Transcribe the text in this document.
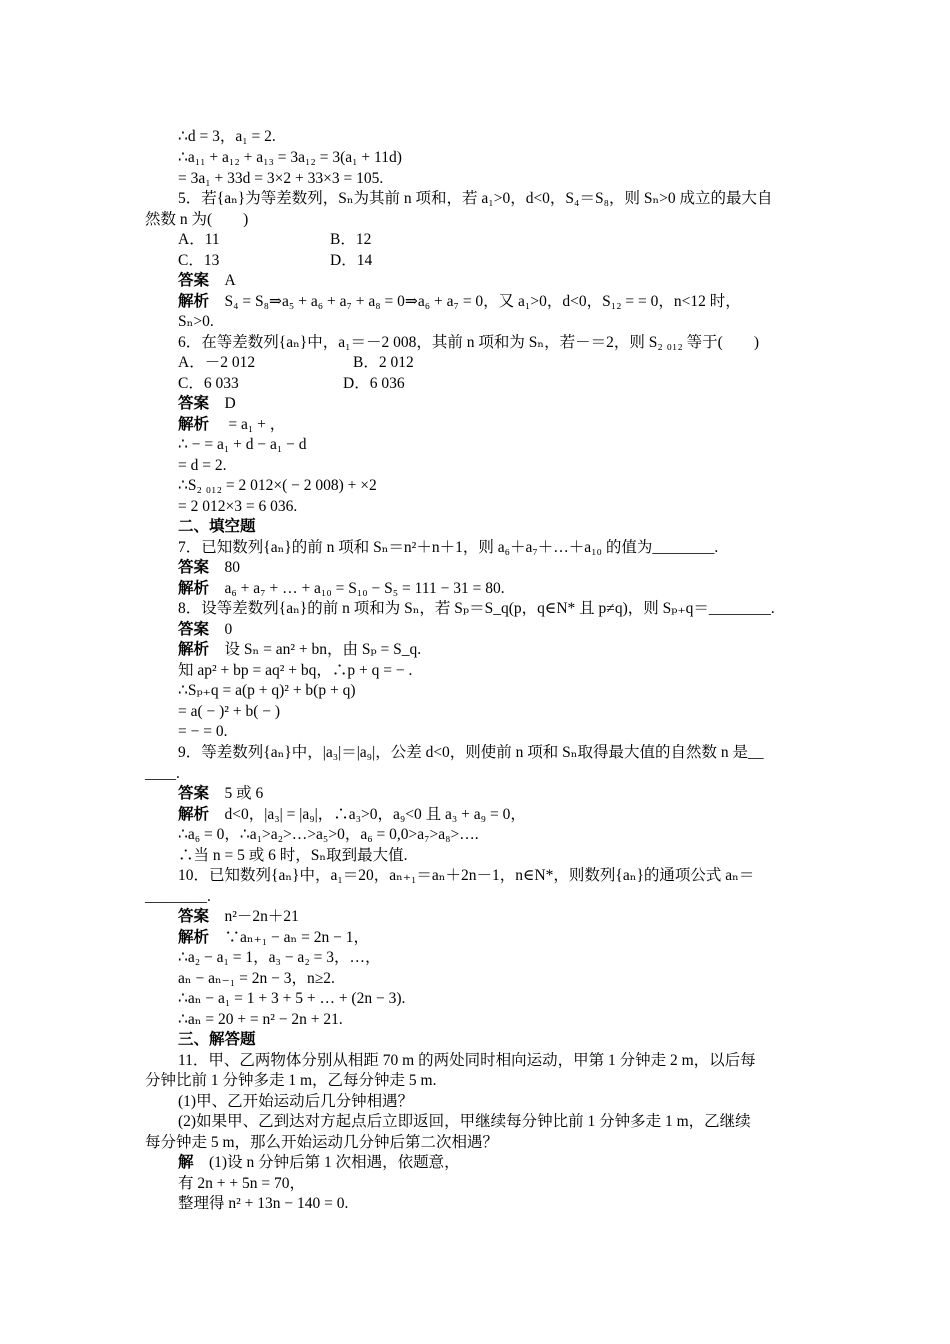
∴d = 3，a₁ = 2.
∴a₁₁ + a₁₂ + a₁₃ = 3a₁₂ = 3(a₁ + 11d)
= 3a₁ + 33d = 3×2 + 33×3 = 105.
5．若{aₙ}为等差数列，Sₙ为其前 n 项和，若 a₁>0，d<0，S₄＝S₈，则 Sₙ>0 成立的最大自
然数 n 为(　　)
A．11	B．12
C．13	D．14
答案　A
解析　S₄ = S₈⇒a₅ + a₆ + a₇ + a₈ = 0⇒a₆ + a₇ = 0，又 a₁>0，d<0，S₁₂ = = 0，n<12 时，
Sₙ>0.
6．在等差数列{aₙ}中，a₁＝－2 008，其前 n 项和为 Sₙ，若－＝2，则 S₂ ₀₁₂ 等于(　　)
A．－2 012	B．2 012
C．6 033	D．6 036
答案　D
解析　 = a₁ + ，
∴ − = a₁ + d − a₁ − d
= d = 2.
∴S₂ ₀₁₂ = 2 012×( − 2 008) + ×2
= 2 012×3 = 6 036.
二、填空题
7．已知数列{aₙ}的前 n 项和 Sₙ＝n²＋n＋1，则 a₆＋a₇＋…＋a₁₀ 的值为________.
答案　80
解析　a₆ + a₇ + … + a₁₀ = S₁₀ − S₅ = 111 − 31 = 80.
8．设等差数列{aₙ}的前 n 项和为 Sₙ，若 Sₚ＝S_q(p，q∈N* 且 p≠q)，则 Sₚ₊q＝________.
答案　0
解析　设 Sₙ = an² + bn，由 Sₚ = S_q.
知 ap² + bp = aq² + bq，∴p + q = − .
∴Sₚ₊q = a(p + q)² + b(p + q)
= a( − )² + b( − )
= − = 0.
9．等差数列{aₙ}中，|a₃|＝|a₉|，公差 d<0，则使前 n 项和 Sₙ取得最大值的自然数 n 是__
____.
答案　5 或 6
解析　d<0，|a₃| = |a₉|，∴a₃>0，a₉<0 且 a₃ + a₉ = 0，
∴a₆ = 0，∴a₁>a₂>…>a₅>0，a₆ = 0,0>a₇>a₈>….
∴当 n = 5 或 6 时，Sₙ取到最大值.
10．已知数列{aₙ}中，a₁＝20，aₙ₊₁＝aₙ＋2n－1，n∈N*，则数列{aₙ}的通项公式 aₙ＝
________.
答案　n²－2n＋21
解析　∵aₙ₊₁ − aₙ = 2n − 1，
∴a₂ − a₁ = 1，a₃ − a₂ = 3，…，
aₙ − aₙ₋₁ = 2n − 3，n≥2.
∴aₙ − a₁ = 1 + 3 + 5 + … + (2n − 3).
∴aₙ = 20 + = n² − 2n + 21.
三、解答题
11．甲、乙两物体分别从相距 70 m 的两处同时相向运动，甲第 1 分钟走 2 m，以后每
分钟比前 1 分钟多走 1 m，乙每分钟走 5 m.
(1)甲、乙开始运动后几分钟相遇？
(2)如果甲、乙到达对方起点后立即返回，甲继续每分钟比前 1 分钟多走 1 m，乙继续
每分钟走 5 m，那么开始运动几分钟后第二次相遇？
解　(1)设 n 分钟后第 1 次相遇，依题意，
有 2n + + 5n = 70，
整理得 n² + 13n − 140 = 0.
